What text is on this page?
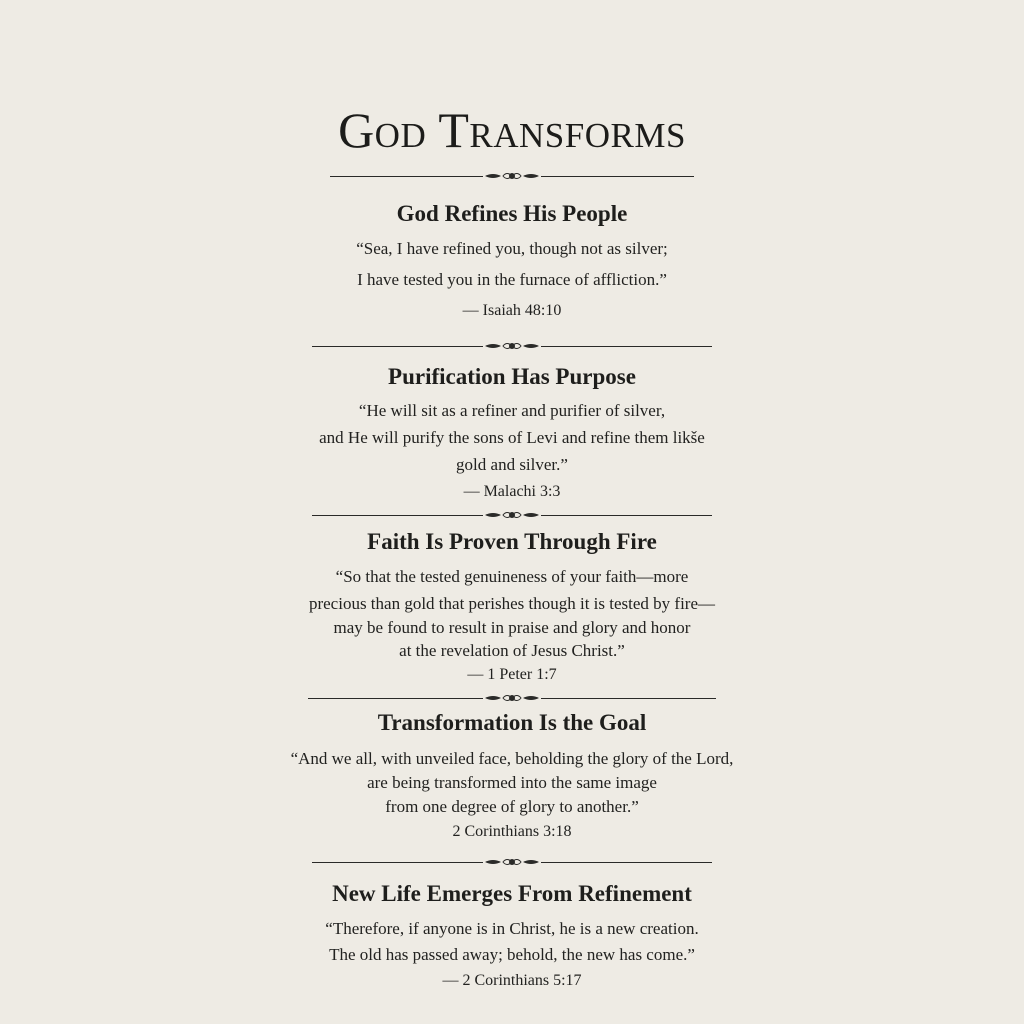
God Transforms
God Refines His People
“Sea, I have refined you, though not as silver;
I have tested you in the furnace of affliction.”
— Isaiah 48:10
Purification Has Purpose
“He will sit as a refiner and purifier of silver,
and He will purify the sons of Levi and refine them likše
gold and silver.”
— Malachi 3:3
Faith Is Proven Through Fire
“So that the tested genuineness of your faith—more
precious than gold that perishes though it is tested by fire—
may be found to result in praise and glory and honor
at the revelation of Jesus Christ.”
— 1 Peter 1:7
Transformation Is the Goal
“And we all, with unveiled face, beholding the glory of the Lord,
are being transformed into the same image
from one degree of glory to another.”
2 Corinthians 3:18
New Life Emerges From Refinement
“Therefore, if anyone is in Christ, he is a new creation.
The old has passed away; behold, the new has come.”
— 2 Corinthians 5:17
